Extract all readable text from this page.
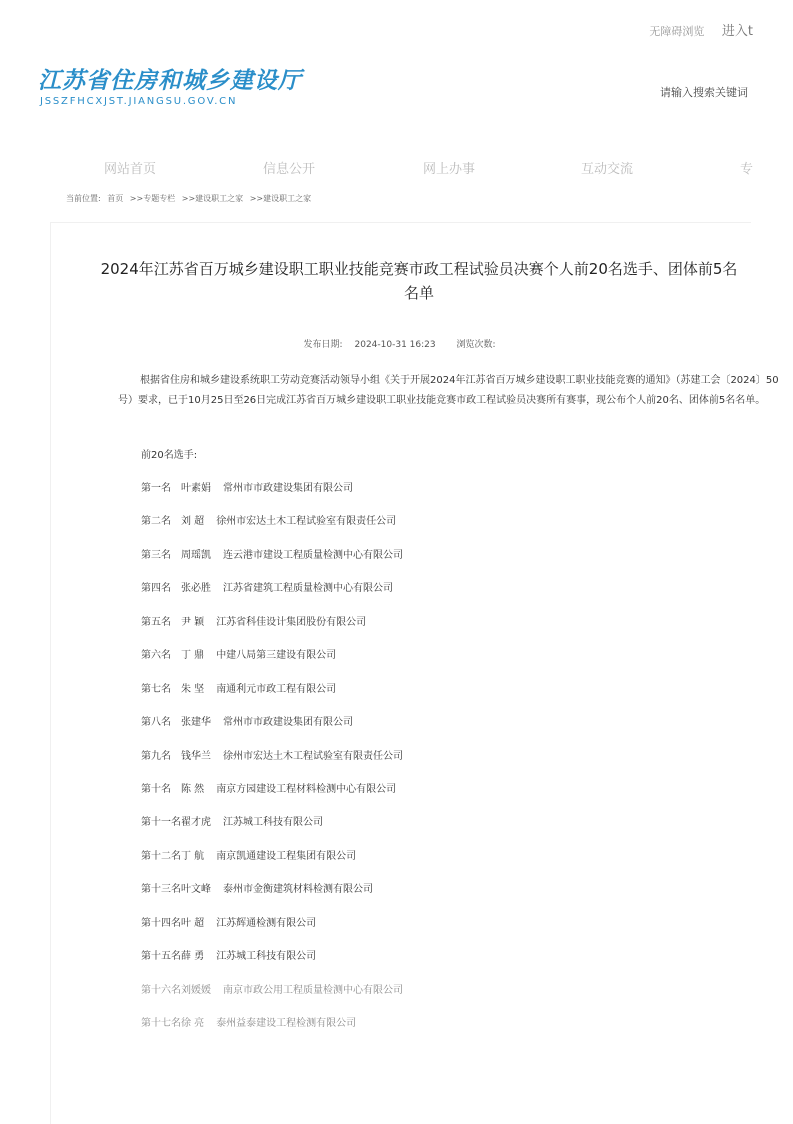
无障碍浏览 进入t
江苏省住房和城乡建设厅
JSSZFHCXJST.JIANGSU.GOV.CN
请输入搜索关键词
网站首页	信息公开	网上办事	互动交流	专
当前位置: 首页 >>专题专栏 >>建设职工之家 >>建设职工之家
2024年江苏省百万城乡建设职工职业技能竞赛市政工程试验员决赛个人前20名选手、团体前5名名单
发布日期: 2024-10-31 16:23 浏览次数:
根据省住房和城乡建设系统职工劳动竞赛活动领导小组《关于开展2024年江苏省百万城乡建设职工职业技能竞赛的通知》（苏建工会〔2024〕50号）要求，已于10月25日至26日完成江苏省百万城乡建设职工职业技能竞赛市政工程试验员决赛所有赛事，现公布个人前20名、团体前5名名单。
前20名选手:
第一名 叶素娟 常州市市政建设集团有限公司
第二名 刘 超 徐州市宏达土木工程试验室有限责任公司
第三名 周瑶凯 连云港市建设工程质量检测中心有限公司
第四名 张必胜 江苏省建筑工程质量检测中心有限公司
第五名 尹 颖 江苏省科佳设计集团股份有限公司
第六名 丁 鼎 中建八局第三建设有限公司
第七名 朱 坚 南通利元市政工程有限公司
第八名 张建华 常州市市政建设集团有限公司
第九名 钱华兰 徐州市宏达土木工程试验室有限责任公司
第十名 陈 然 南京方园建设工程材料检测中心有限公司
第十一名翟才虎 江苏城工科技有限公司
第十二名丁 航 南京凯通建设工程集团有限公司
第十三名叶文峰 泰州市金衡建筑材料检测有限公司
第十四名叶 超 江苏辉通检测有限公司
第十五名薛 勇 江苏城工科技有限公司
第十六名刘媛媛 南京市政公用工程质量检测中心有限公司
第十七名徐 亮 泰州益泰建设工程检测有限公司
